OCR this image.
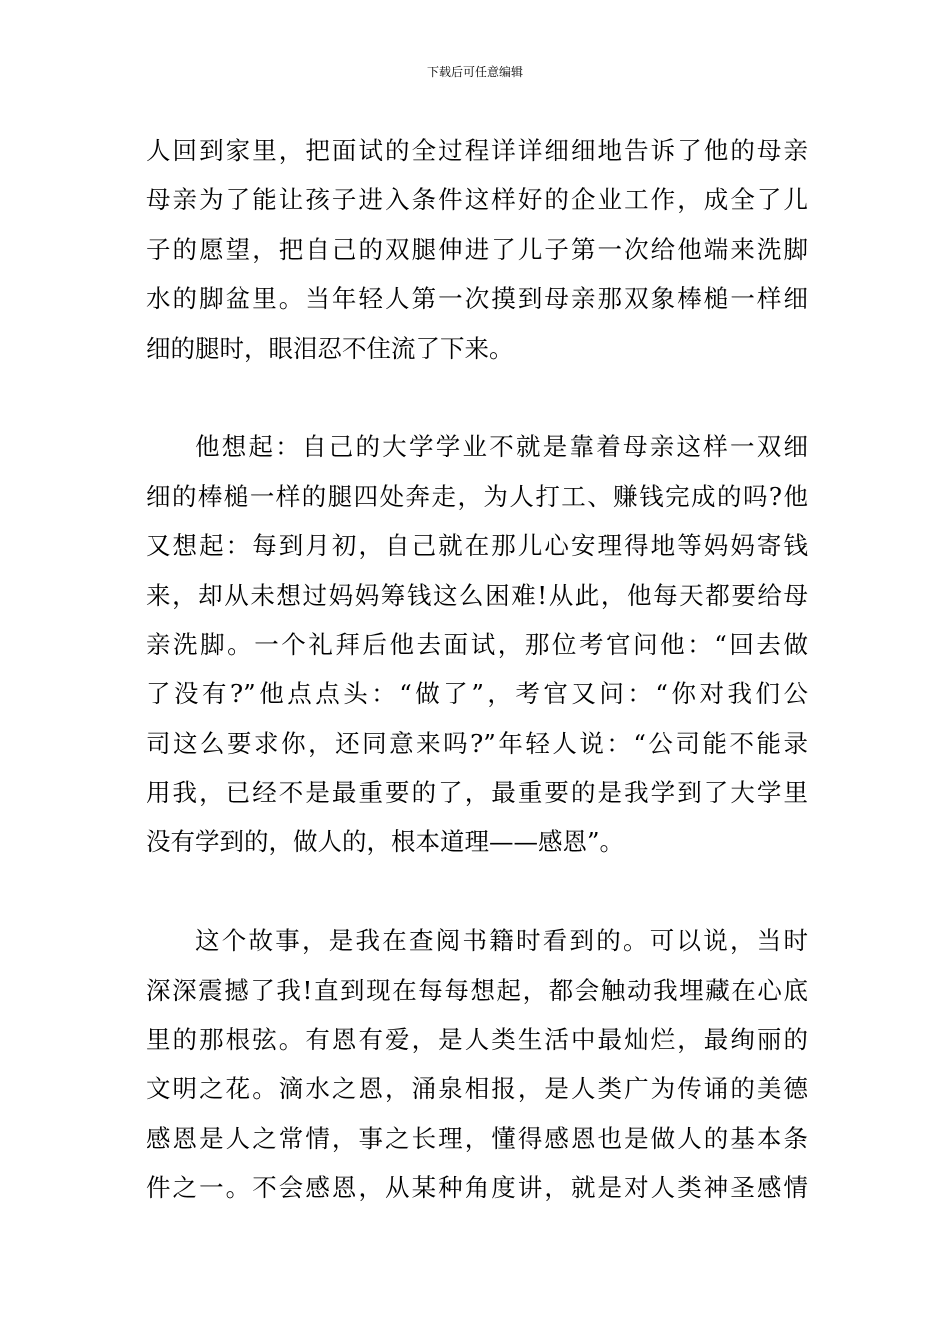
下载后可任意编辑
人回到家里，把面试的全过程详详细细地告诉了他的母亲
母亲为了能让孩子进入条件这样好的企业工作，成全了儿
子的愿望，把自己的双腿伸进了儿子第一次给他端来洗脚
水的脚盆里。当年轻人第一次摸到母亲那双象棒槌一样细
细的腿时，眼泪忍不住流了下来。
他想起：自己的大学学业不就是靠着母亲这样一双细
细的棒槌一样的腿四处奔走，为人打工、赚钱完成的吗?他
又想起：每到月初，自己就在那儿心安理得地等妈妈寄钱
来，却从未想过妈妈筹钱这么困难!从此，他每天都要给母
亲洗脚。一个礼拜后他去面试，那位考官问他：“回去做
了没有?”他点点头：“做了”，考官又问：“你对我们公
司这么要求你，还同意来吗?”年轻人说：“公司能不能录
用我，已经不是最重要的了，最重要的是我学到了大学里
没有学到的，做人的，根本道理——感恩”。
这个故事，是我在查阅书籍时看到的。可以说，当时
深深震撼了我!直到现在每每想起，都会触动我埋藏在心底
里的那根弦。有恩有爱，是人类生活中最灿烂，最绚丽的
文明之花。滴水之恩，涌泉相报，是人类广为传诵的美德
感恩是人之常情，事之长理，懂得感恩也是做人的基本条
件之一。不会感恩，从某种角度讲，就是对人类神圣感情
